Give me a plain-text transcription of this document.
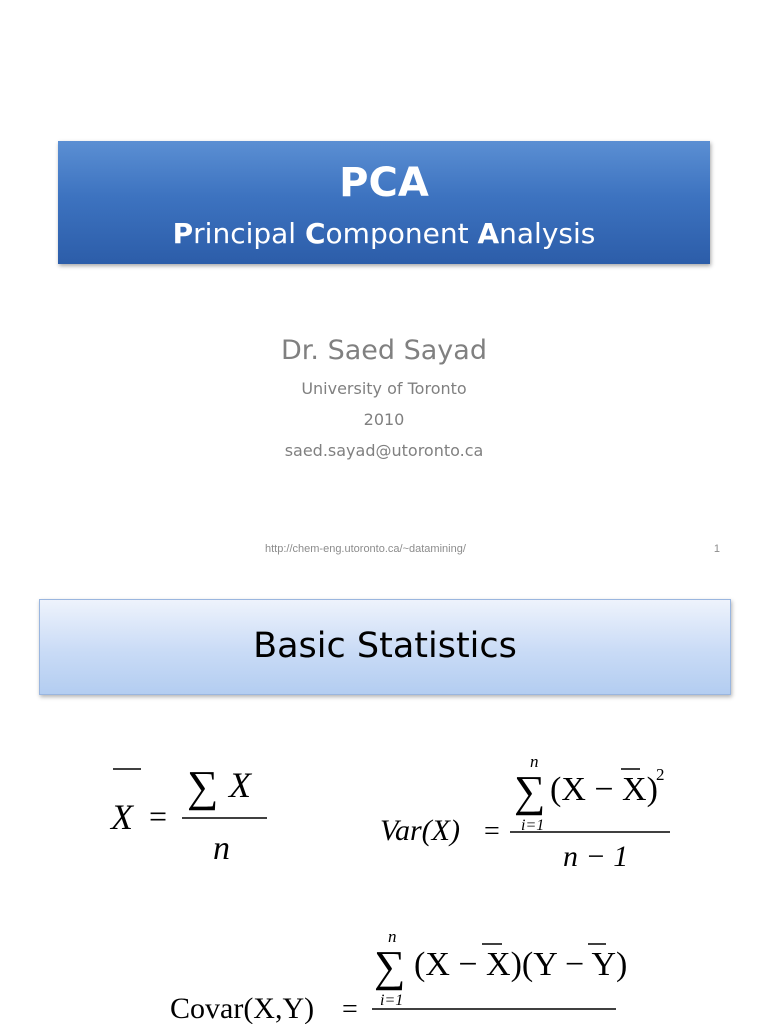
PCA
Principal Component Analysis
Dr. Saed Sayad
University of Toronto
2010
saed.sayad@utoronto.ca
http://chem-eng.utoronto.ca/~datamining/	1
Basic Statistics
X =
∑ X
n	Var(X) =
n
∑
i=1
(X − X)
2
n − 1
Covar(X,Y) =
n
∑
i=1
(X − X)(Y − Y)
